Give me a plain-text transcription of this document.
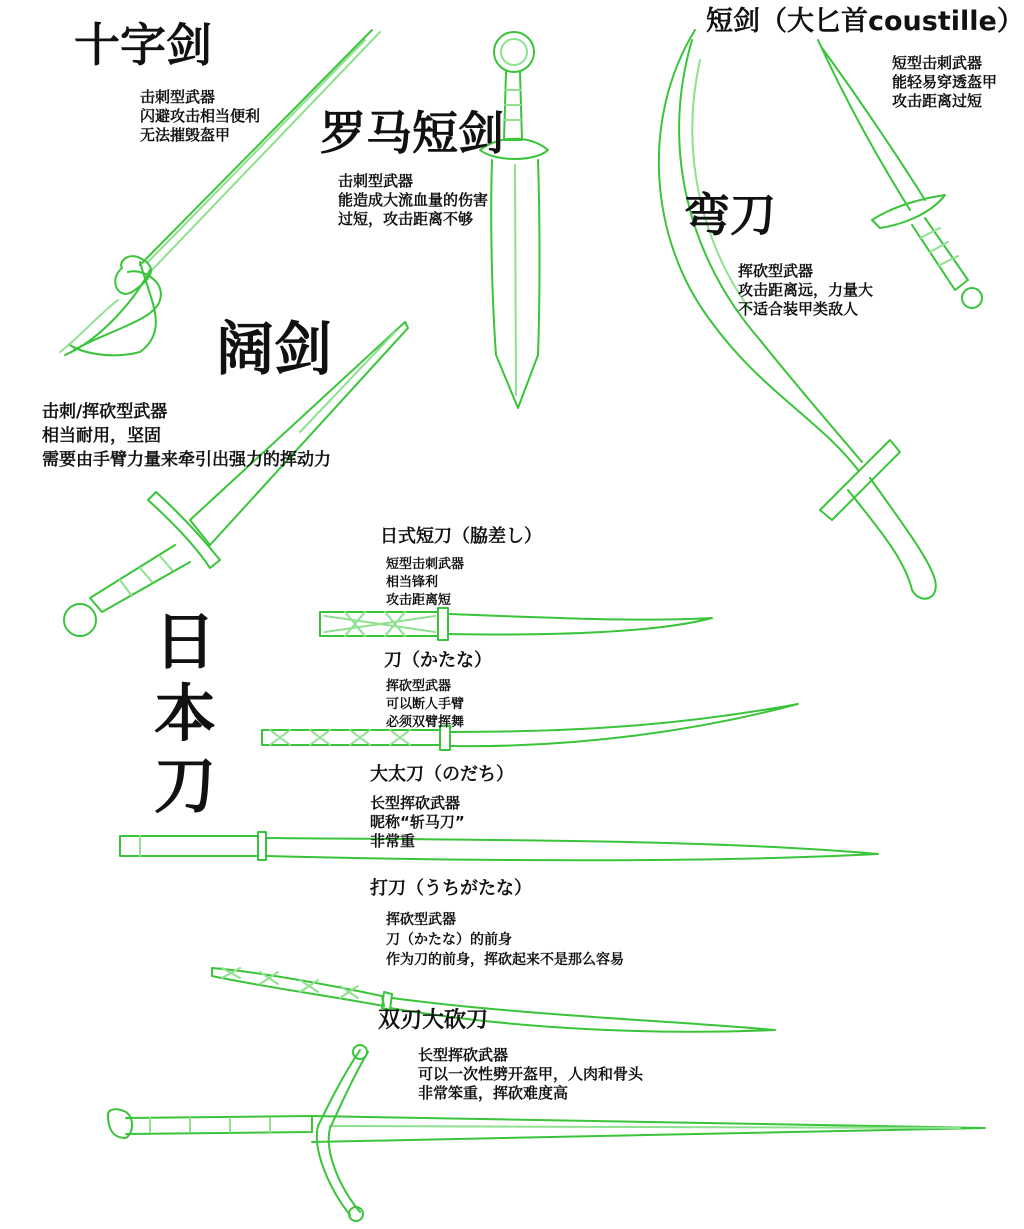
十字剑
击刺型武器
闪避攻击相当便利
无法摧毁盔甲	罗马短剑
击刺型武器
能造成大流血量的伤害
过短，攻击距离不够
短剑（大匕首coustille）
短型击刺武器
能轻易穿透盔甲
攻击距离过短
弯刀
挥砍型武器
攻击距离远，力量大
不适合装甲类敌人
阔剑
击刺/挥砍型武器
相当耐用，坚固
需要由手臂力量来牵引出强力的挥动力
日
本
刀
日式短刀（脇差し）
短型击刺武器
相当锋利
攻击距离短
刀（かたな）
挥砍型武器
可以断人手臂
必须双臂挥舞
大太刀（のだち）
长型挥砍武器
昵称“斩马刀”
非常重
打刀（うちがたな）
挥砍型武器
刀（かたな）的前身
作为刀的前身，挥砍起来不是那么容易
双刃大砍刀
长型挥砍武器
可以一次性劈开盔甲，人肉和骨头
非常笨重，挥砍难度高
